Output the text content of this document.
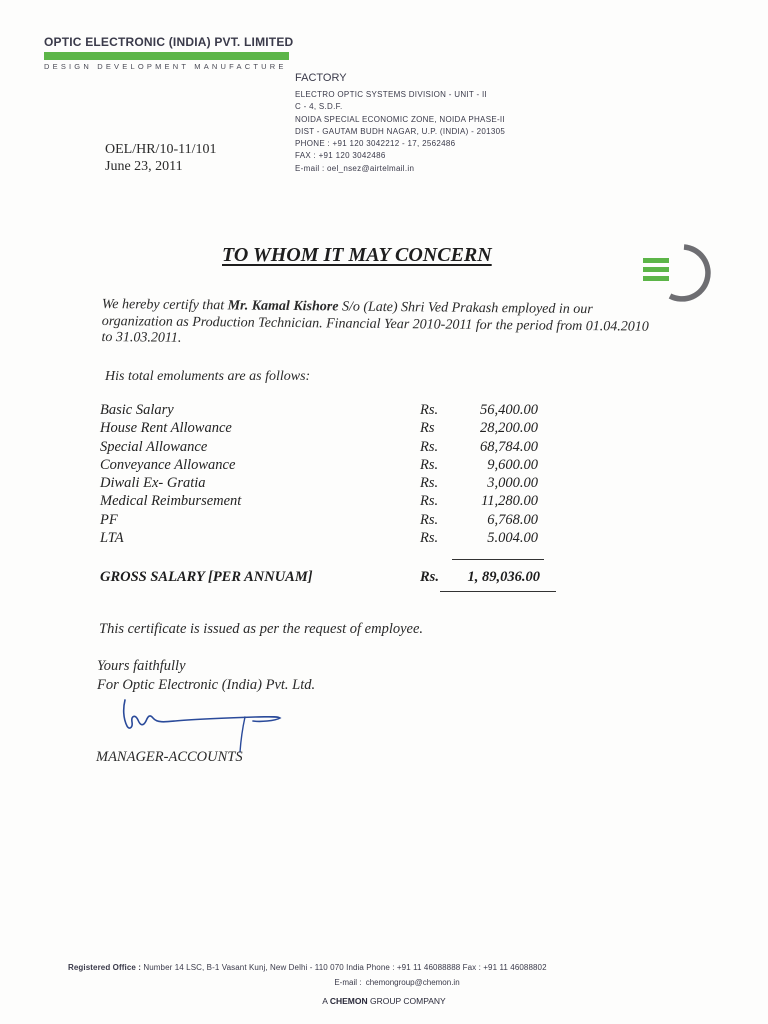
OPTIC ELECTRONIC (INDIA) PVT. LIMITED
DESIGN DEVELOPMENT MANUFACTURE
FACTORY
ELECTRO OPTIC SYSTEMS DIVISION - UNIT - II
C - 4, S.D.F.
NOIDA SPECIAL ECONOMIC ZONE, NOIDA PHASE-II
DIST - GAUTAM BUDH NAGAR, U.P. (INDIA) - 201305
PHONE : +91 120 3042212 - 17, 2562486
FAX : +91 120 3042486
E-mail : oel_nsez@airtelmail.in
OEL/HR/10-11/101
June 23, 2011
TO WHOM IT MAY CONCERN
We hereby certify that Mr. Kamal Kishore S/o (Late) Shri Ved Prakash employed in our organization as Production Technician. Financial Year 2010-2011 for the period from 01.04.2010 to 31.03.2011.
His total emoluments are as follows:
Basic Salary	Rs.	56,400.00
House Rent Allowance	Rs	28,200.00
Special Allowance	Rs.	68,784.00
Conveyance Allowance	Rs.	9,600.00
Diwali Ex- Gratia	Rs.	3,000.00
Medical Reimbursement	Rs.	11,280.00
PF	Rs.	6,768.00
LTA	Rs.	5.004.00
GROSS SALARY [PER ANNUAM]	Rs. 1, 89,036.00
This certificate is issued as per the request of employee.
Yours faithfully
For Optic Electronic (India) Pvt. Ltd.
MANAGER-ACCOUNTS
Registered Office : Number 14 LSC, B-1 Vasant Kunj, New Delhi - 110 070 India Phone : +91 11 46088888 Fax : +91 11 46088802
E-mail : chemongroup@chemon.in
A CHEMON GROUP COMPANY
